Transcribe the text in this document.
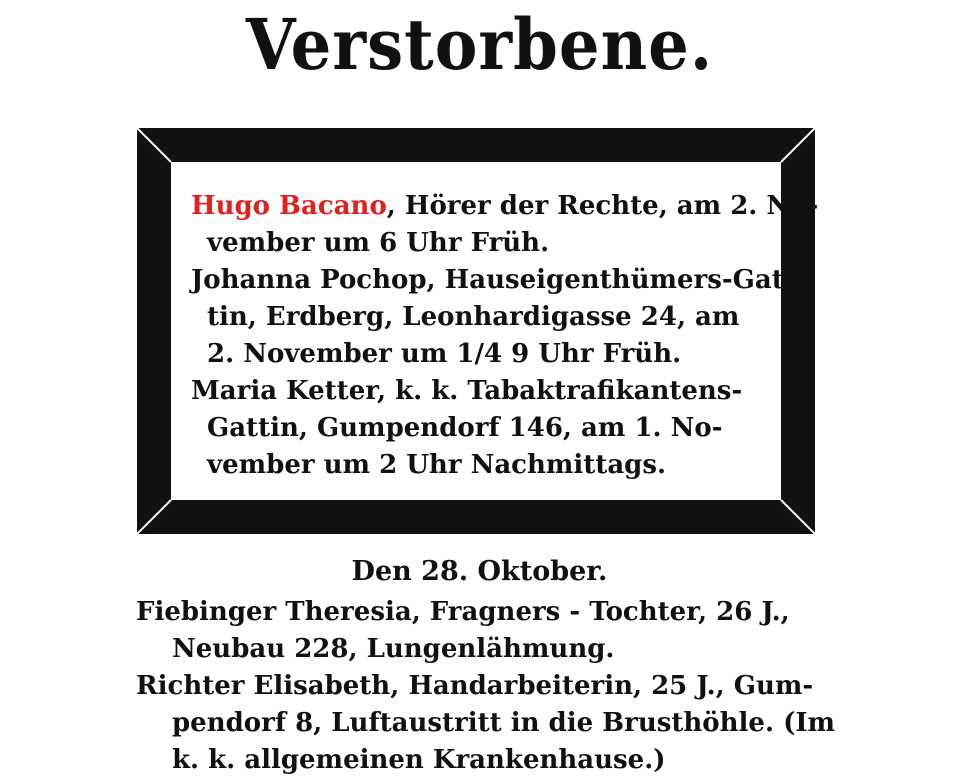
Verstorbene.
Hugo Bacano, Hörer der Rechte, am 2. No-
vember um 6 Uhr Früh.
Johanna Pochop, Hauseigenthümers-Gat-
tin, Erdberg, Leonhardigasse 24, am
2. November um 1/4 9 Uhr Früh.
Maria Ketter, k. k. Tabaktrafikantens-
Gattin, Gumpendorf 146, am 1. No-
vember um 2 Uhr Nachmittags.
Den 28. Oktober.
Fiebinger Theresia, Fragners - Tochter, 26 J.,
Neubau 228, Lungenlähmung.
Richter Elisabeth, Handarbeiterin, 25 J., Gum-
pendorf 8, Luftaustritt in die Brusthöhle. (Im
k. k. allgemeinen Krankenhause.)
